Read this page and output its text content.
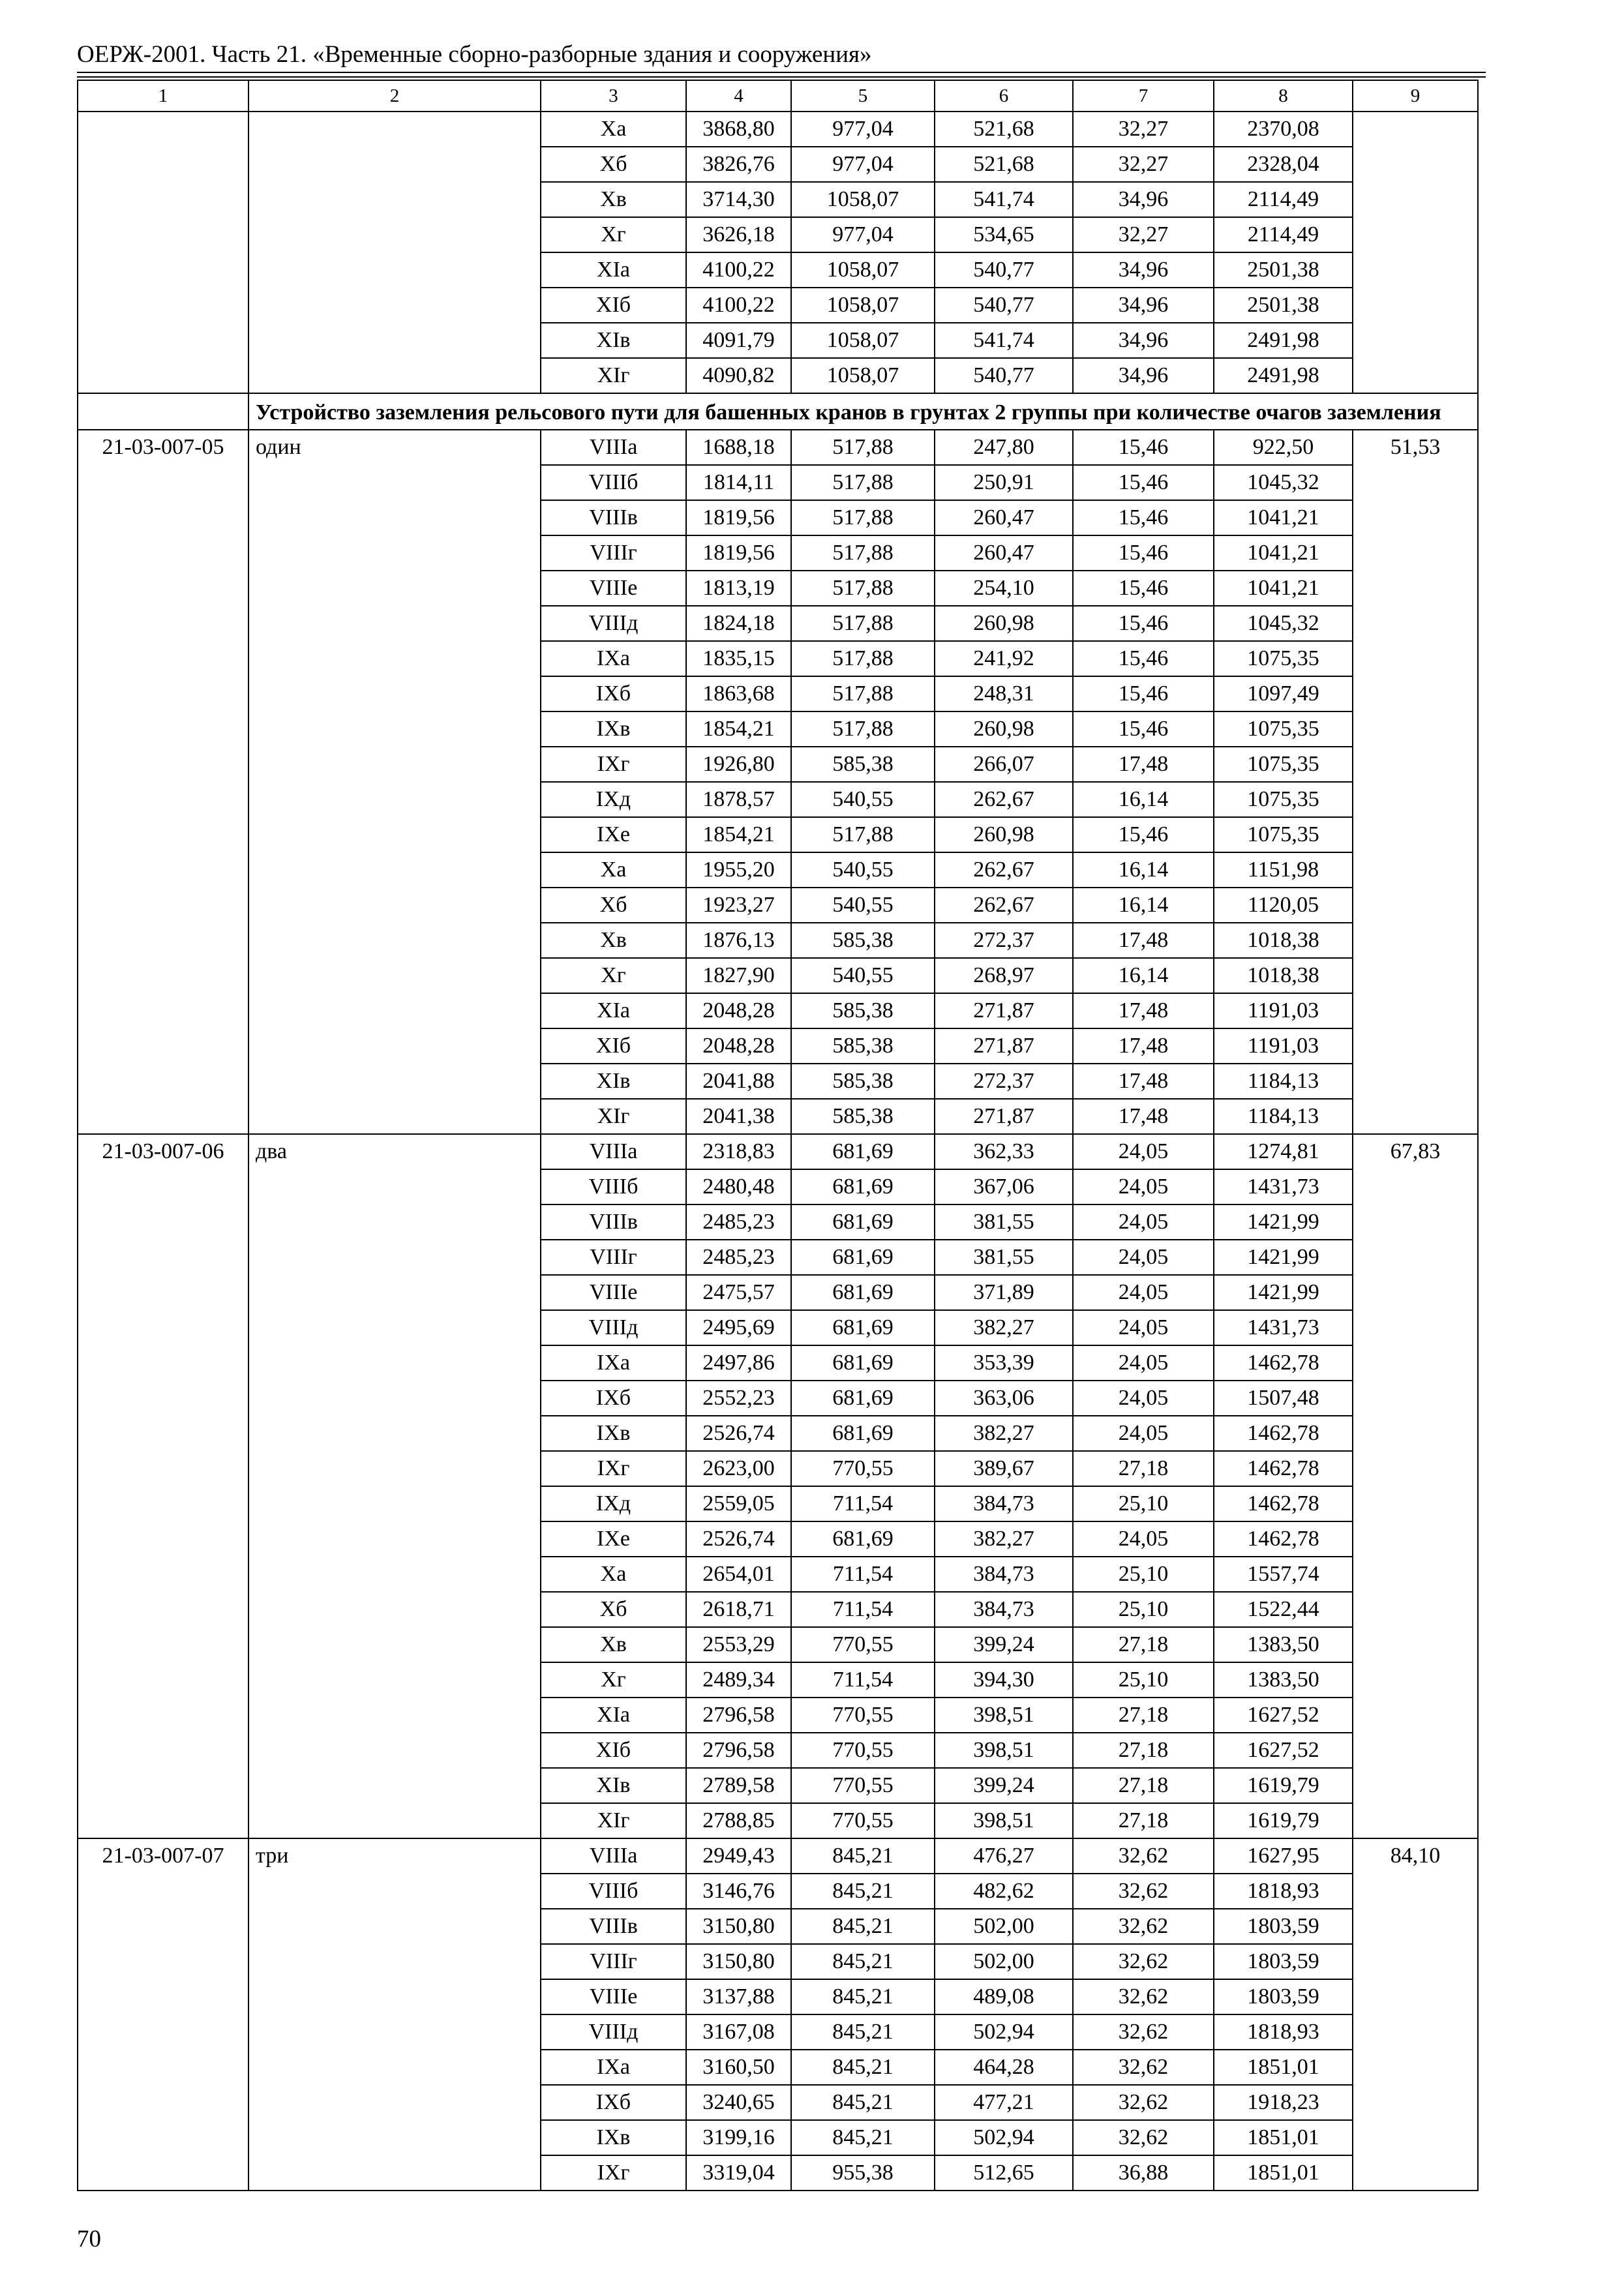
ОЕРЖ-2001. Часть 21. «Временные сборно-разборные здания и сооружения»
1	2	3	4	5	6	7	8	9
		Xa	3868,80	977,04	521,68	32,27	2370,08	
		Xб	3826,76	977,04	521,68	32,27	2328,04	
		Xв	3714,30	1058,07	541,74	34,96	2114,49	
		Xг	3626,18	977,04	534,65	32,27	2114,49	
		XIa	4100,22	1058,07	540,77	34,96	2501,38	
		XIб	4100,22	1058,07	540,77	34,96	2501,38	
		XIв	4091,79	1058,07	541,74	34,96	2491,98	
		XIг	4090,82	1058,07	540,77	34,96	2491,98	
	Устройство заземления рельсового пути для башенных кранов в грунтах 2 группы при количестве очагов заземления							
21-03-007-05	один	VIIIa	1688,18	517,88	247,80	15,46	922,50	51,53
		VIIIб	1814,11	517,88	250,91	15,46	1045,32	
		VIIIв	1819,56	517,88	260,47	15,46	1041,21	
		VIIIг	1819,56	517,88	260,47	15,46	1041,21	
		VIIIе	1813,19	517,88	254,10	15,46	1041,21	
		VIIIд	1824,18	517,88	260,98	15,46	1045,32	
		IXa	1835,15	517,88	241,92	15,46	1075,35	
		IXб	1863,68	517,88	248,31	15,46	1097,49	
		IXв	1854,21	517,88	260,98	15,46	1075,35	
		IXг	1926,80	585,38	266,07	17,48	1075,35	
		IXд	1878,57	540,55	262,67	16,14	1075,35	
		IXе	1854,21	517,88	260,98	15,46	1075,35	
		Xa	1955,20	540,55	262,67	16,14	1151,98	
		Xб	1923,27	540,55	262,67	16,14	1120,05	
		Xв	1876,13	585,38	272,37	17,48	1018,38	
		Xг	1827,90	540,55	268,97	16,14	1018,38	
		XIa	2048,28	585,38	271,87	17,48	1191,03	
		XIб	2048,28	585,38	271,87	17,48	1191,03	
		XIв	2041,88	585,38	272,37	17,48	1184,13	
		XIг	2041,38	585,38	271,87	17,48	1184,13	
21-03-007-06	два	VIIIa	2318,83	681,69	362,33	24,05	1274,81	67,83
		VIIIб	2480,48	681,69	367,06	24,05	1431,73	
		VIIIв	2485,23	681,69	381,55	24,05	1421,99	
		VIIIг	2485,23	681,69	381,55	24,05	1421,99	
		VIIIе	2475,57	681,69	371,89	24,05	1421,99	
		VIIIд	2495,69	681,69	382,27	24,05	1431,73	
		IXa	2497,86	681,69	353,39	24,05	1462,78	
		IXб	2552,23	681,69	363,06	24,05	1507,48	
		IXв	2526,74	681,69	382,27	24,05	1462,78	
		IXг	2623,00	770,55	389,67	27,18	1462,78	
		IXд	2559,05	711,54	384,73	25,10	1462,78	
		IXе	2526,74	681,69	382,27	24,05	1462,78	
		Xa	2654,01	711,54	384,73	25,10	1557,74	
		Xб	2618,71	711,54	384,73	25,10	1522,44	
		Xв	2553,29	770,55	399,24	27,18	1383,50	
		Xг	2489,34	711,54	394,30	25,10	1383,50	
		XIa	2796,58	770,55	398,51	27,18	1627,52	
		XIб	2796,58	770,55	398,51	27,18	1627,52	
		XIв	2789,58	770,55	399,24	27,18	1619,79	
		XIг	2788,85	770,55	398,51	27,18	1619,79	
21-03-007-07	три	VIIIa	2949,43	845,21	476,27	32,62	1627,95	84,10
		VIIIб	3146,76	845,21	482,62	32,62	1818,93	
		VIIIв	3150,80	845,21	502,00	32,62	1803,59	
		VIIIг	3150,80	845,21	502,00	32,62	1803,59	
		VIIIе	3137,88	845,21	489,08	32,62	1803,59	
		VIIIд	3167,08	845,21	502,94	32,62	1818,93	
		IXa	3160,50	845,21	464,28	32,62	1851,01	
		IXб	3240,65	845,21	477,21	32,62	1918,23	
		IXв	3199,16	845,21	502,94	32,62	1851,01	
		IXг	3319,04	955,38	512,65	36,88	1851,01	
70
